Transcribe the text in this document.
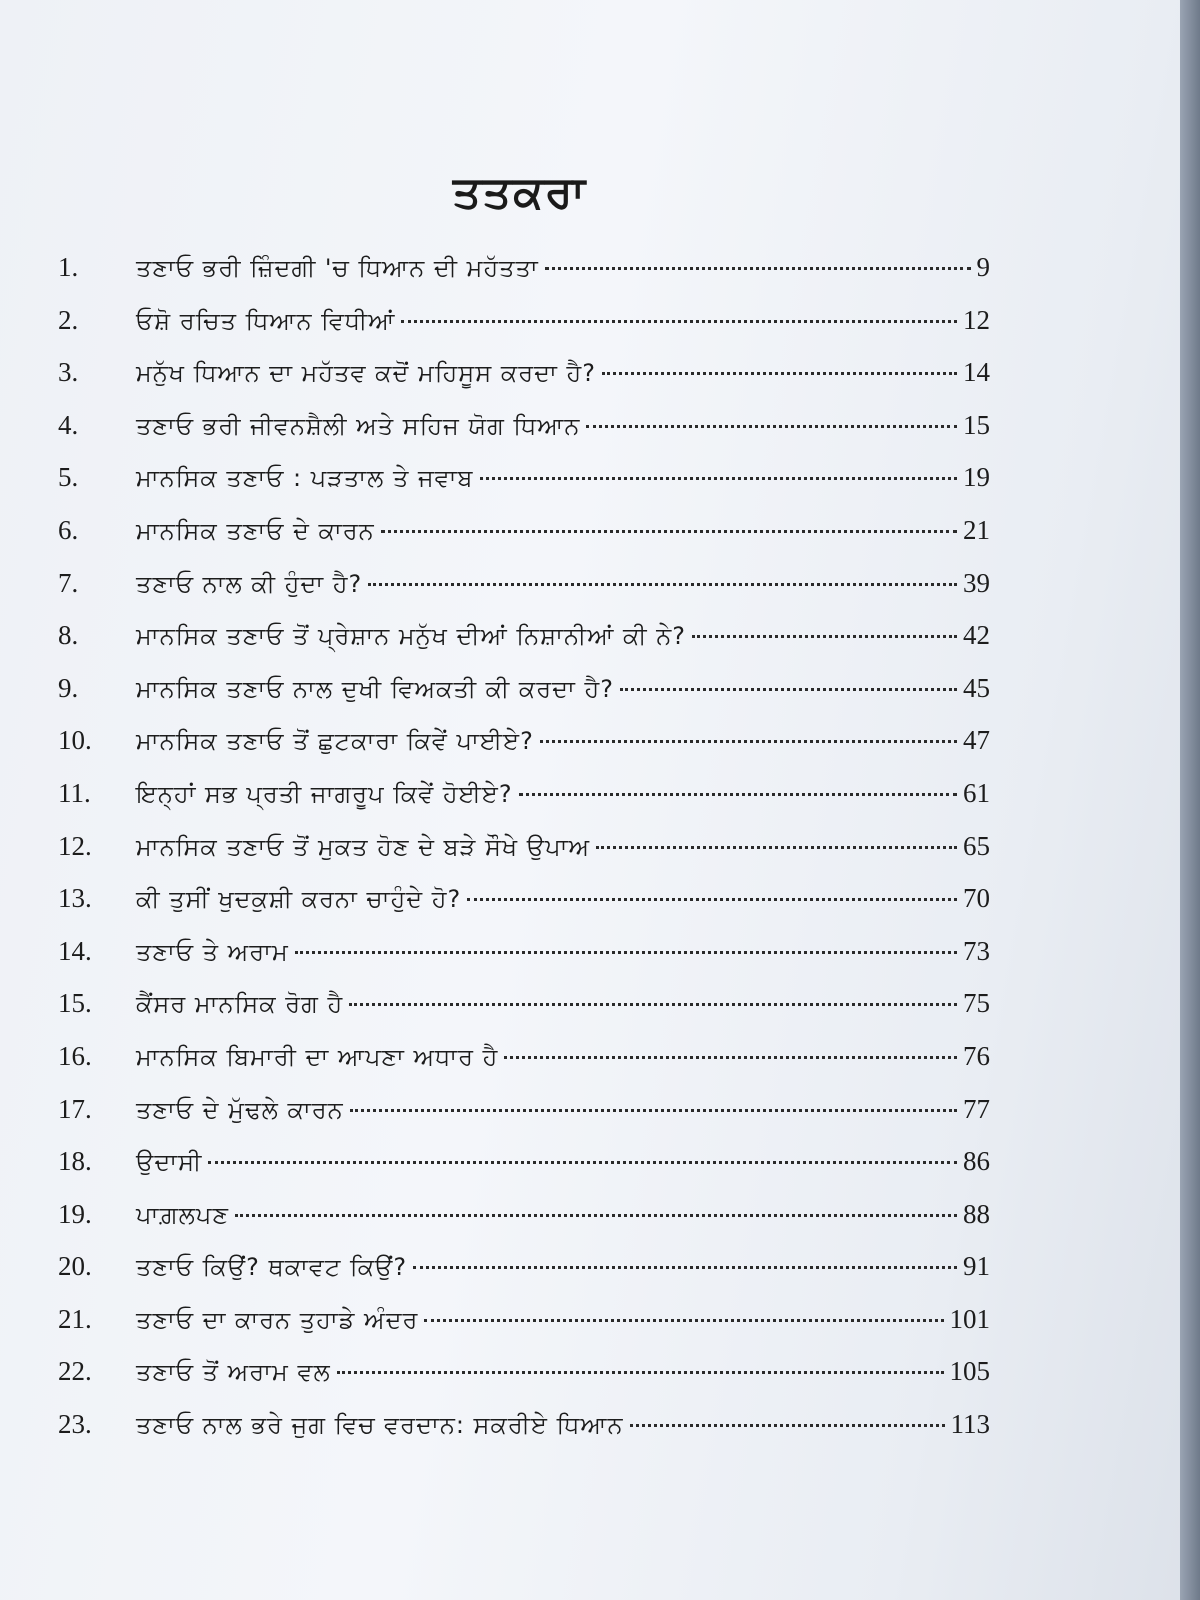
ਤਤਕਰਾ
1.	ਤਣਾਓ ਭਰੀ ਜ਼ਿੰਦਗੀ 'ਚ ਧਿਆਨ ਦੀ ਮਹੱਤਤਾ	9
2.	ਓਸ਼ੋ ਰਚਿਤ ਧਿਆਨ ਵਿਧੀਆਂ	12
3.	ਮਨੁੱਖ ਧਿਆਨ ਦਾ ਮਹੱਤਵ ਕਦੋਂ ਮਹਿਸੂਸ ਕਰਦਾ ਹੈ?	14
4.	ਤਣਾਓ ਭਰੀ ਜੀਵਨਸ਼ੈਲੀ ਅਤੇ ਸਹਿਜ ਯੋਗ ਧਿਆਨ	15
5.	ਮਾਨਸਿਕ ਤਣਾਓ : ਪੜਤਾਲ ਤੇ ਜਵਾਬ	19
6.	ਮਾਨਸਿਕ ਤਣਾਓ ਦੇ ਕਾਰਨ	21
7.	ਤਣਾਓ ਨਾਲ ਕੀ ਹੁੰਦਾ ਹੈ?	39
8.	ਮਾਨਸਿਕ ਤਣਾਓ ਤੋਂ ਪ੍ਰੇਸ਼ਾਨ ਮਨੁੱਖ ਦੀਆਂ ਨਿਸ਼ਾਨੀਆਂ ਕੀ ਨੇ?	42
9.	ਮਾਨਸਿਕ ਤਣਾਓ ਨਾਲ ਦੁਖੀ ਵਿਅਕਤੀ ਕੀ ਕਰਦਾ ਹੈ?	45
10.	ਮਾਨਸਿਕ ਤਣਾਓ ਤੋਂ ਛੁਟਕਾਰਾ ਕਿਵੇਂ ਪਾਈਏ?	47
11.	ਇਨ੍ਹਾਂ ਸਭ ਪ੍ਰਤੀ ਜਾਗਰੂਪ ਕਿਵੇਂ ਹੋਈਏ?	61
12.	ਮਾਨਸਿਕ ਤਣਾਓ ਤੋਂ ਮੁਕਤ ਹੋਣ ਦੇ ਬੜੇ ਸੌਖੇ ਉਪਾਅ	65
13.	ਕੀ ਤੁਸੀਂ ਖੁਦਕੁਸ਼ੀ ਕਰਨਾ ਚਾਹੁੰਦੇ ਹੋ?	70
14.	ਤਣਾਓ ਤੇ ਅਰਾਮ	73
15.	ਕੈਂਸਰ ਮਾਨਸਿਕ ਰੋਗ ਹੈ	75
16.	ਮਾਨਸਿਕ ਬਿਮਾਰੀ ਦਾ ਆਪਣਾ ਅਧਾਰ ਹੈ	76
17.	ਤਣਾਓ ਦੇ ਮੁੱਢਲੇ ਕਾਰਨ	77
18.	ਉਦਾਸੀ	86
19.	ਪਾਗ਼ਲਪਣ	88
20.	ਤਣਾਓ ਕਿਉਂ? ਥਕਾਵਟ ਕਿਉਂ?	91
21.	ਤਣਾਓ ਦਾ ਕਾਰਨ ਤੁਹਾਡੇ ਅੰਦਰ	101
22.	ਤਣਾਓ ਤੋਂ ਅਰਾਮ ਵਲ	105
23.	ਤਣਾਓ ਨਾਲ ਭਰੇ ਜੁਗ ਵਿਚ ਵਰਦਾਨ: ਸਕਰੀਏ ਧਿਆਨ	113
